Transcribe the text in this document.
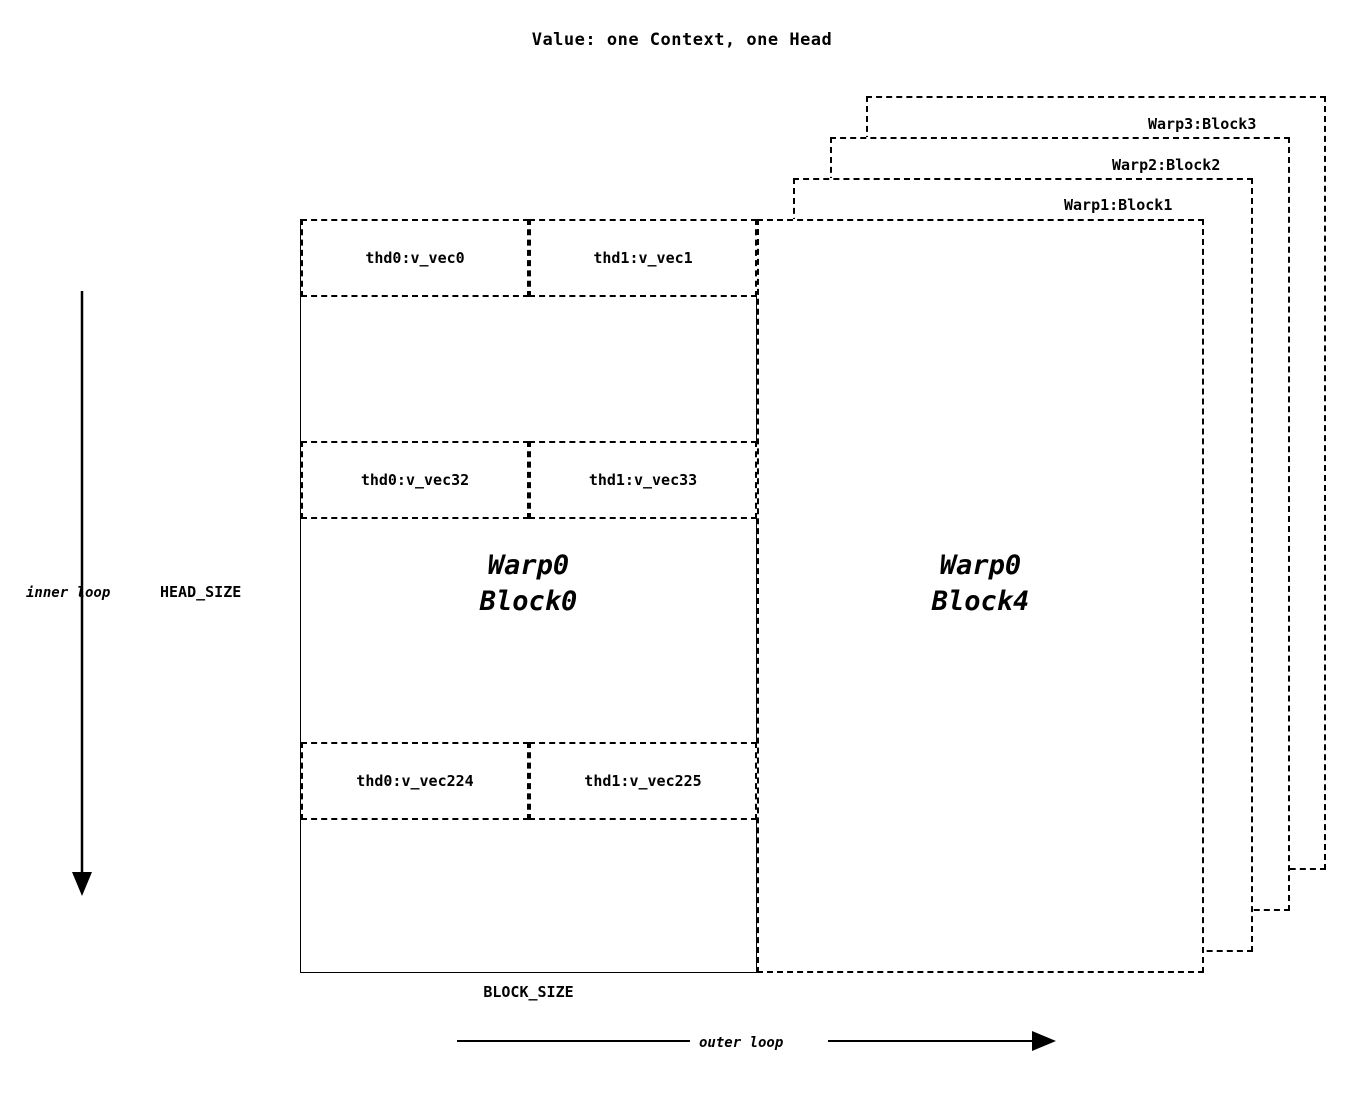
Value: one Context, one Head
Warp3:Block3
Warp2:Block2
Warp1:Block1
Warp0
Block4
Warp0
Block0
thd0:v_vec0	thd1:v_vec1
thd0:v_vec32	thd1:v_vec33
thd0:v_vec224	thd1:v_vec225
HEAD_SIZE
inner loop
BLOCK_SIZE
outer loop
